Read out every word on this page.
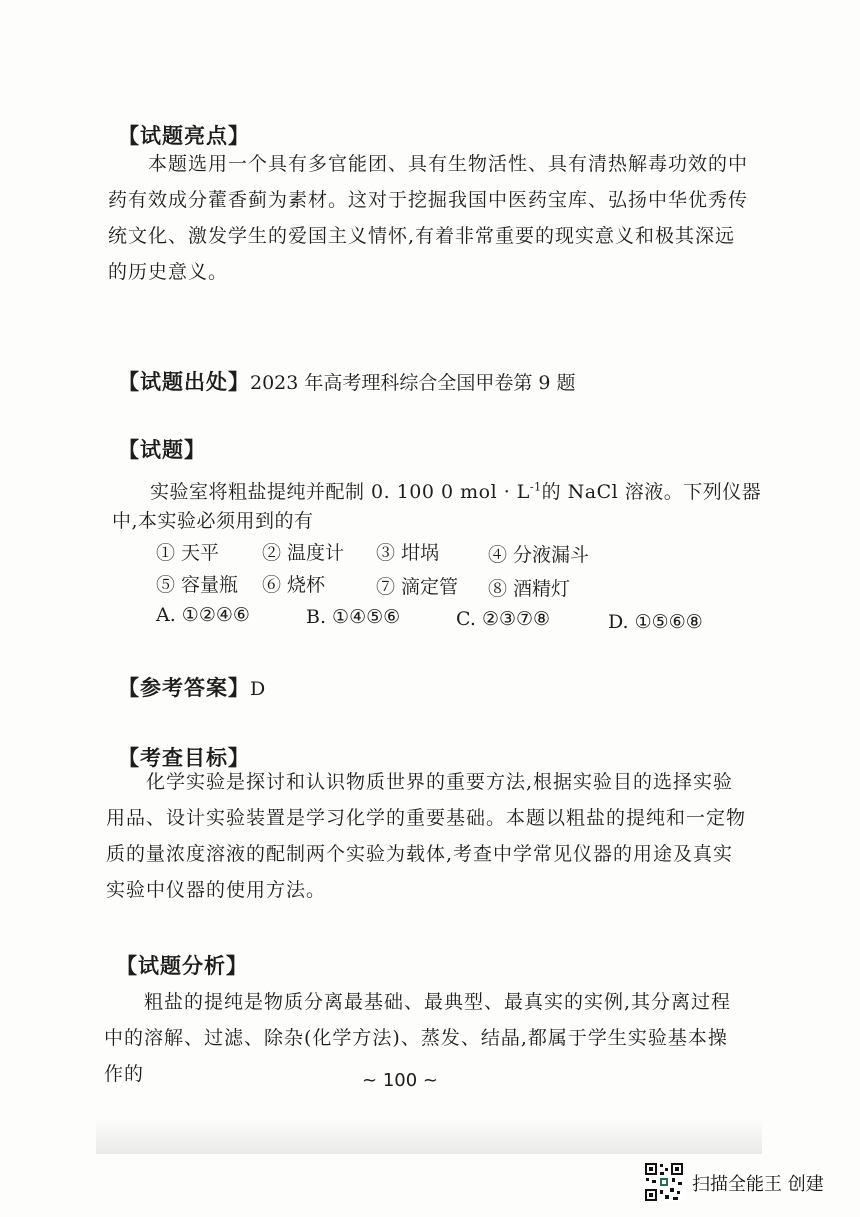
【试题亮点】

本题选用一个具有多官能团、具有生物活性、具有清热解毒功效的中药有效成分藿香蓟为素材。这对于挖掘我国中医药宝库、弘扬中华优秀传统文化、激发学生的爱国主义情怀,有着非常重要的现实意义和极其深远的历史意义。

【试题出处】2023 年高考理科综合全国甲卷第 9 题
【试题】
实验室将粗盐提纯并配制 0. 100 0 mol · $L^{-1}$的 NaCl 溶液。下列仪器
中,本实验必须用到的有
① 天平 ② 温度计 ③ 坩埚	④ 分液漏斗
⑤ 容量瓶 ⑥ 烧杯	⑦ 滴定管 ⑧ 酒精灯
A. ①②④⑥	B. ①④⑤⑥	C. ②③⑦⑧	D. ①⑤⑥⑧
【参考答案】D
【考查目标】

化学实验是探讨和认识物质世界的重要方法,根据实验目的选择实验用品、设计实验装置是学习化学的重要基础。本题以粗盐的提纯和一定物质的量浓度溶液的配制两个实验为载体,考查中学常见仪器的用途及真实实验中仪器的使用方法。

【试题分析】

粗盐的提纯是物质分离最基础、最典型、最真实的实例,其分离过程中的溶解、过滤、除杂(化学方法)、蒸发、结晶,都属于学生实验基本操作的	~ 100 ~
扫描全能王 创建
